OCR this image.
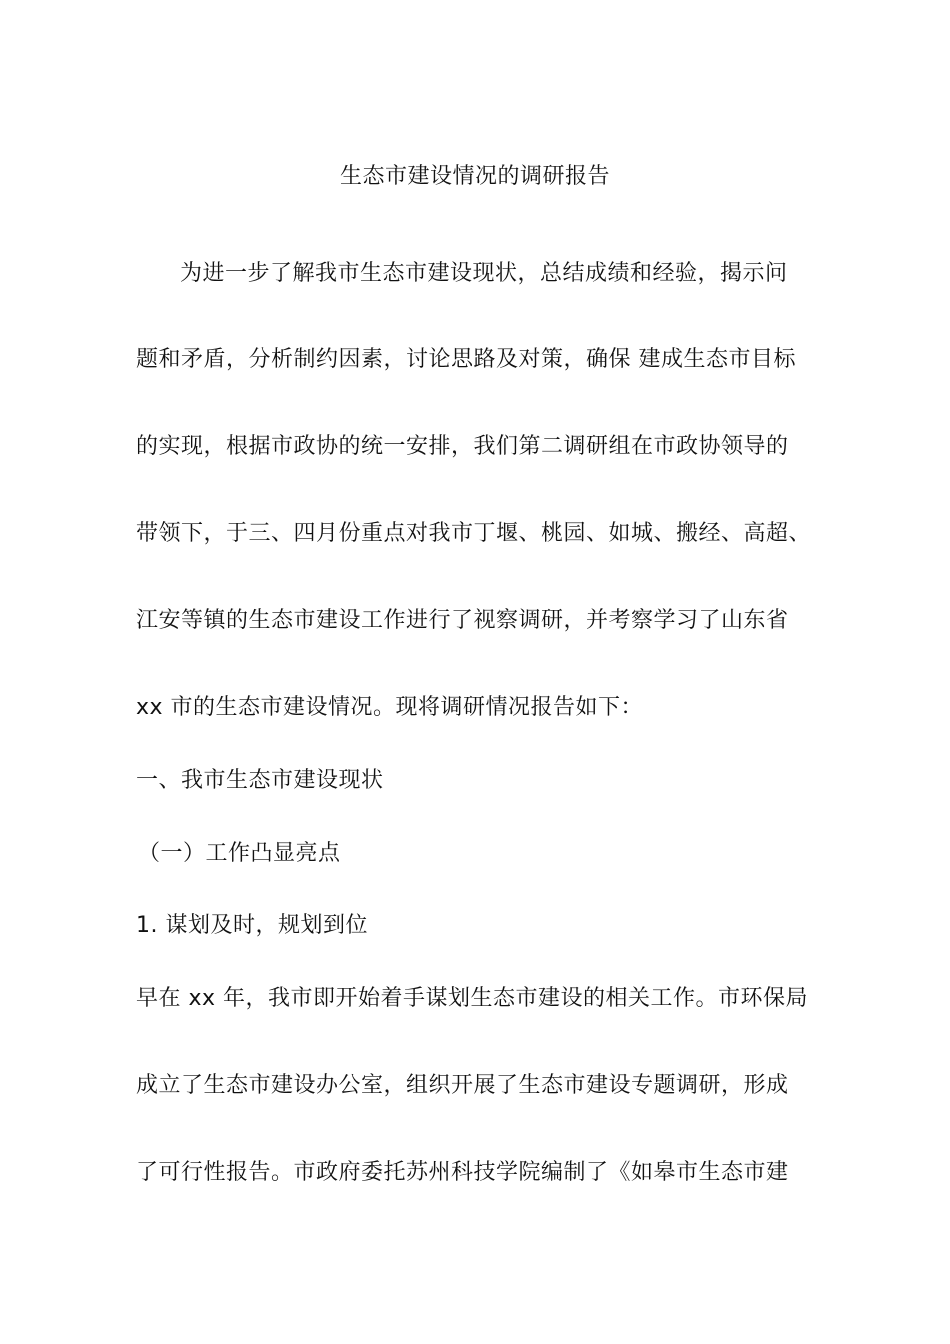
生态市建设情况的调研报告
为进一步了解我市生态市建设现状，总结成绩和经验，揭示问
题和矛盾，分析制约因素，讨论思路及对策，确保 建成生态市目标
的实现，根据市政协的统一安排，我们第二调研组在市政协领导的
带领下，于三、四月份重点对我市丁堰、桃园、如城、搬经、高超、
江安等镇的生态市建设工作进行了视察调研，并考察学习了山东省
xx 市的生态市建设情况。现将调研情况报告如下：
一、我市生态市建设现状
（一）工作凸显亮点
1. 谋划及时，规划到位
早在 xx 年，我市即开始着手谋划生态市建设的相关工作。市环保局
成立了生态市建设办公室，组织开展了生态市建设专题调研，形成
了可行性报告。市政府委托苏州科技学院编制了《如皋市生态市建
